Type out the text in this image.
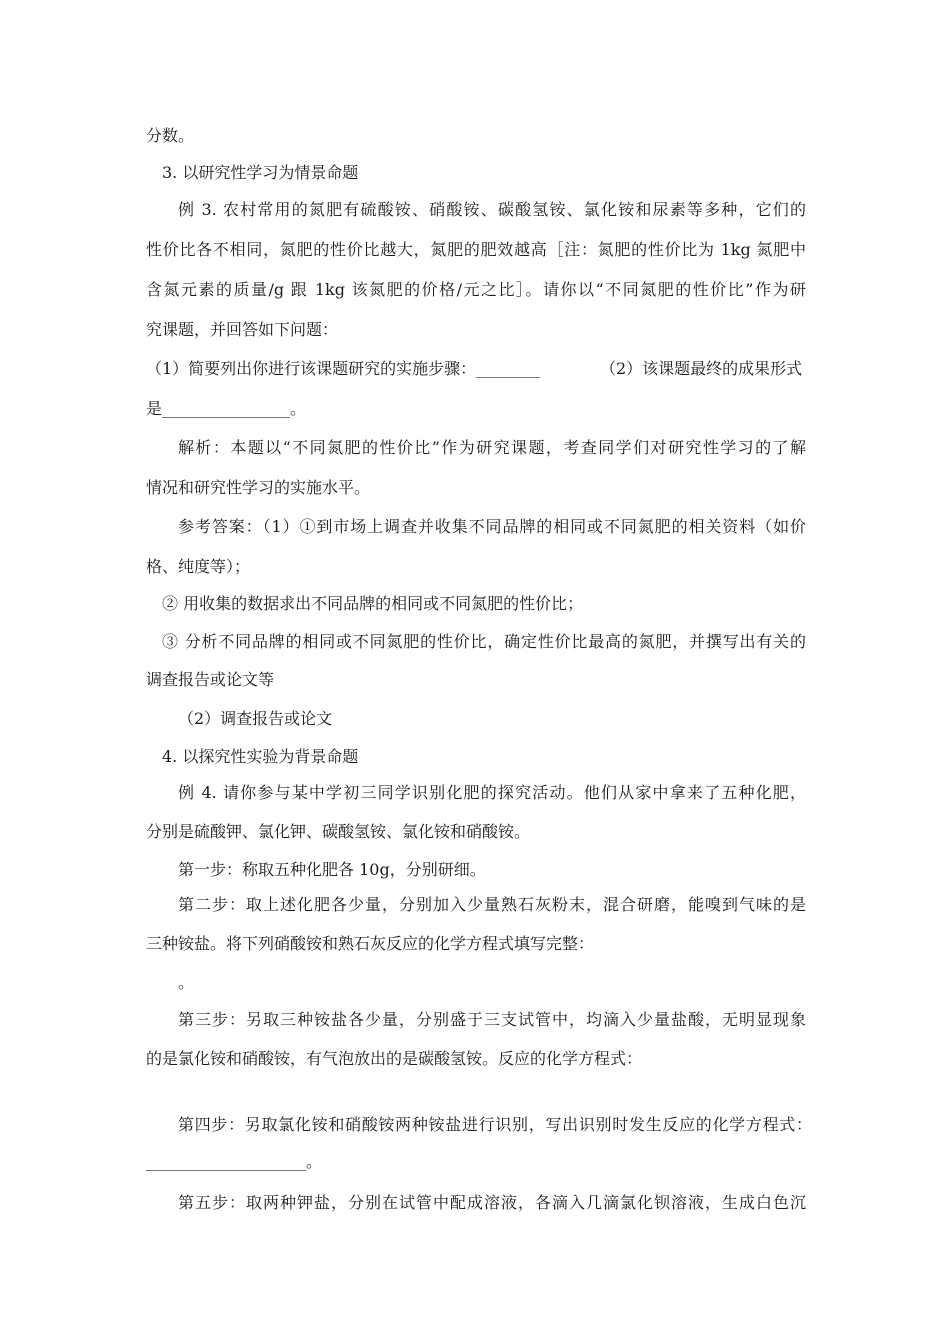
分数。
3. 以研究性学习为情景命题
例 3. 农村常用的氮肥有硫酸铵、硝酸铵、碳酸氢铵、氯化铵和尿素等多种，它们的
性价比各不相同，氮肥的性价比越大，氮肥的肥效越高［注：氮肥的性价比为 1kg 氮肥中
含氮元素的质量/g 跟 1kg 该氮肥的价格/元之比］。请你以“不同氮肥的性价比”作为研
究课题，并回答如下问题：
（1）简要列出你进行该课题研究的实施步骤：________	（2）该课题最终的成果形式
是________________。
解析：本题以“不同氮肥的性价比”作为研究课题，考查同学们对研究性学习的了解
情况和研究性学习的实施水平。
参考答案：（1）①到市场上调查并收集不同品牌的相同或不同氮肥的相关资料（如价
格、纯度等）；
② 用收集的数据求出不同品牌的相同或不同氮肥的性价比；
③ 分析不同品牌的相同或不同氮肥的性价比，确定性价比最高的氮肥，并撰写出有关的
调查报告或论文等
（2）调查报告或论文
4. 以探究性实验为背景命题
例 4. 请你参与某中学初三同学识别化肥的探究活动。他们从家中拿来了五种化肥，
分别是硫酸钾、氯化钾、碳酸氢铵、氯化铵和硝酸铵。
第一步：称取五种化肥各 10g，分别研细。
第二步：取上述化肥各少量，分别加入少量熟石灰粉末，混合研磨，能嗅到气味的是
三种铵盐。将下列硝酸铵和熟石灰反应的化学方程式填写完整：
。
第三步：另取三种铵盐各少量，分别盛于三支试管中，均滴入少量盐酸，无明显现象
的是氯化铵和硝酸铵，有气泡放出的是碳酸氢铵。反应的化学方程式：
第四步：另取氯化铵和硝酸铵两种铵盐进行识别，写出识别时发生反应的化学方程式：
____________________。
第五步：取两种钾盐，分别在试管中配成溶液，各滴入几滴氯化钡溶液，生成白色沉
